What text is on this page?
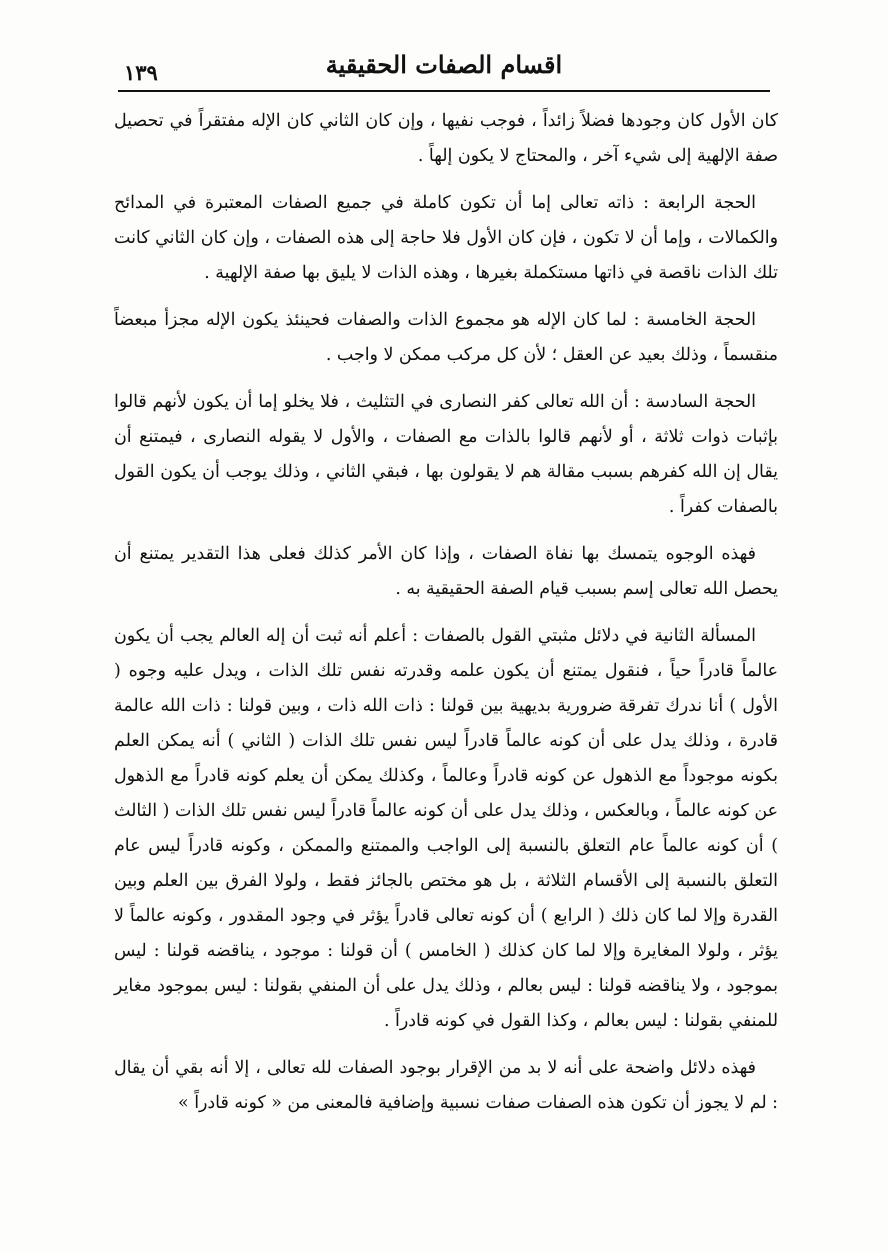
اقسام الصفات الحقيقية
١٣٩

كان الأول كان وجودها فضلاً زائداً ، فوجب نفيها ، وإن كان الثاني كان الإله مفتقراً في تحصيل صفة الإلهية إلى شيء آخر ، والمحتاج لا يكون إلهاً .

الحجة الرابعة : ذاته تعالى إما أن تكون كاملة في جميع الصفات المعتبرة في المدائح والكمالات ، وإما أن لا تكون ، فإن كان الأول فلا حاجة إلى هذه الصفات ، وإن كان الثاني كانت تلك الذات ناقصة في ذاتها مستكملة بغيرها ، وهذه الذات لا يليق بها صفة الإلهية .

الحجة الخامسة : لما كان الإله هو مجموع الذات والصفات فحينئذ يكون الإله مجزأ مبعضاً منقسماً ، وذلك بعيد عن العقل ؛ لأن كل مركب ممكن لا واجب .

الحجة السادسة : أن الله تعالى كفر النصارى في التثليث ، فلا يخلو إما أن يكون لأنهم قالوا بإثبات ذوات ثلاثة ، أو لأنهم قالوا بالذات مع الصفات ، والأول لا يقوله النصارى ، فيمتنع أن يقال إن الله كفرهم بسبب مقالة هم لا يقولون بها ، فبقي الثاني ، وذلك يوجب أن يكون القول بالصفات كفراً .

فهذه الوجوه يتمسك بها نفاة الصفات ، وإذا كان الأمر كذلك فعلى هذا التقدير يمتنع أن يحصل الله تعالى إسم بسبب قيام الصفة الحقيقية به .

المسألة الثانية في دلائل مثبتي القول بالصفات : أعلم أنه ثبت أن إله العالم يجب أن يكون عالماً قادراً حياً ، فنقول يمتنع أن يكون علمه وقدرته نفس تلك الذات ، ويدل عليه وجوه ( الأول ) أنا ندرك تفرقة ضرورية بديهية بين قولنا : ذات الله ذات ، وبين قولنا : ذات الله عالمة قادرة ، وذلك يدل على أن كونه عالماً قادراً ليس نفس تلك الذات ( الثاني ) أنه يمكن العلم بكونه موجوداً مع الذهول عن كونه قادراً وعالماً ، وكذلك يمكن أن يعلم كونه قادراً مع الذهول عن كونه عالماً ، وبالعكس ، وذلك يدل على أن كونه عالماً قادراً ليس نفس تلك الذات ( الثالث ) أن كونه عالماً عام التعلق بالنسبة إلى الواجب والممتنع والممكن ، وكونه قادراً ليس عام التعلق بالنسبة إلى الأقسام الثلاثة ، بل هو مختص بالجائز فقط ، ولولا الفرق بين العلم وبين القدرة وإلا لما كان ذلك ( الرابع ) أن كونه تعالى قادراً يؤثر في وجود المقدور ، وكونه عالماً لا يؤثر ، ولولا المغايرة وإلا لما كان كذلك ( الخامس ) أن قولنا : موجود ، يناقضه قولنا : ليس بموجود ، ولا يناقضه قولنا : ليس بعالم ، وذلك يدل على أن المنفي بقولنا : ليس بموجود مغاير للمنفي بقولنا : ليس بعالم ، وكذا القول في كونه قادراً .

فهذه دلائل واضحة على أنه لا بد من الإقرار بوجود الصفات لله تعالى ، إلا أنه بقي أن يقال : لم لا يجوز أن تكون هذه الصفات صفات نسبية وإضافية فالمعنى من « كونه قادراً »
